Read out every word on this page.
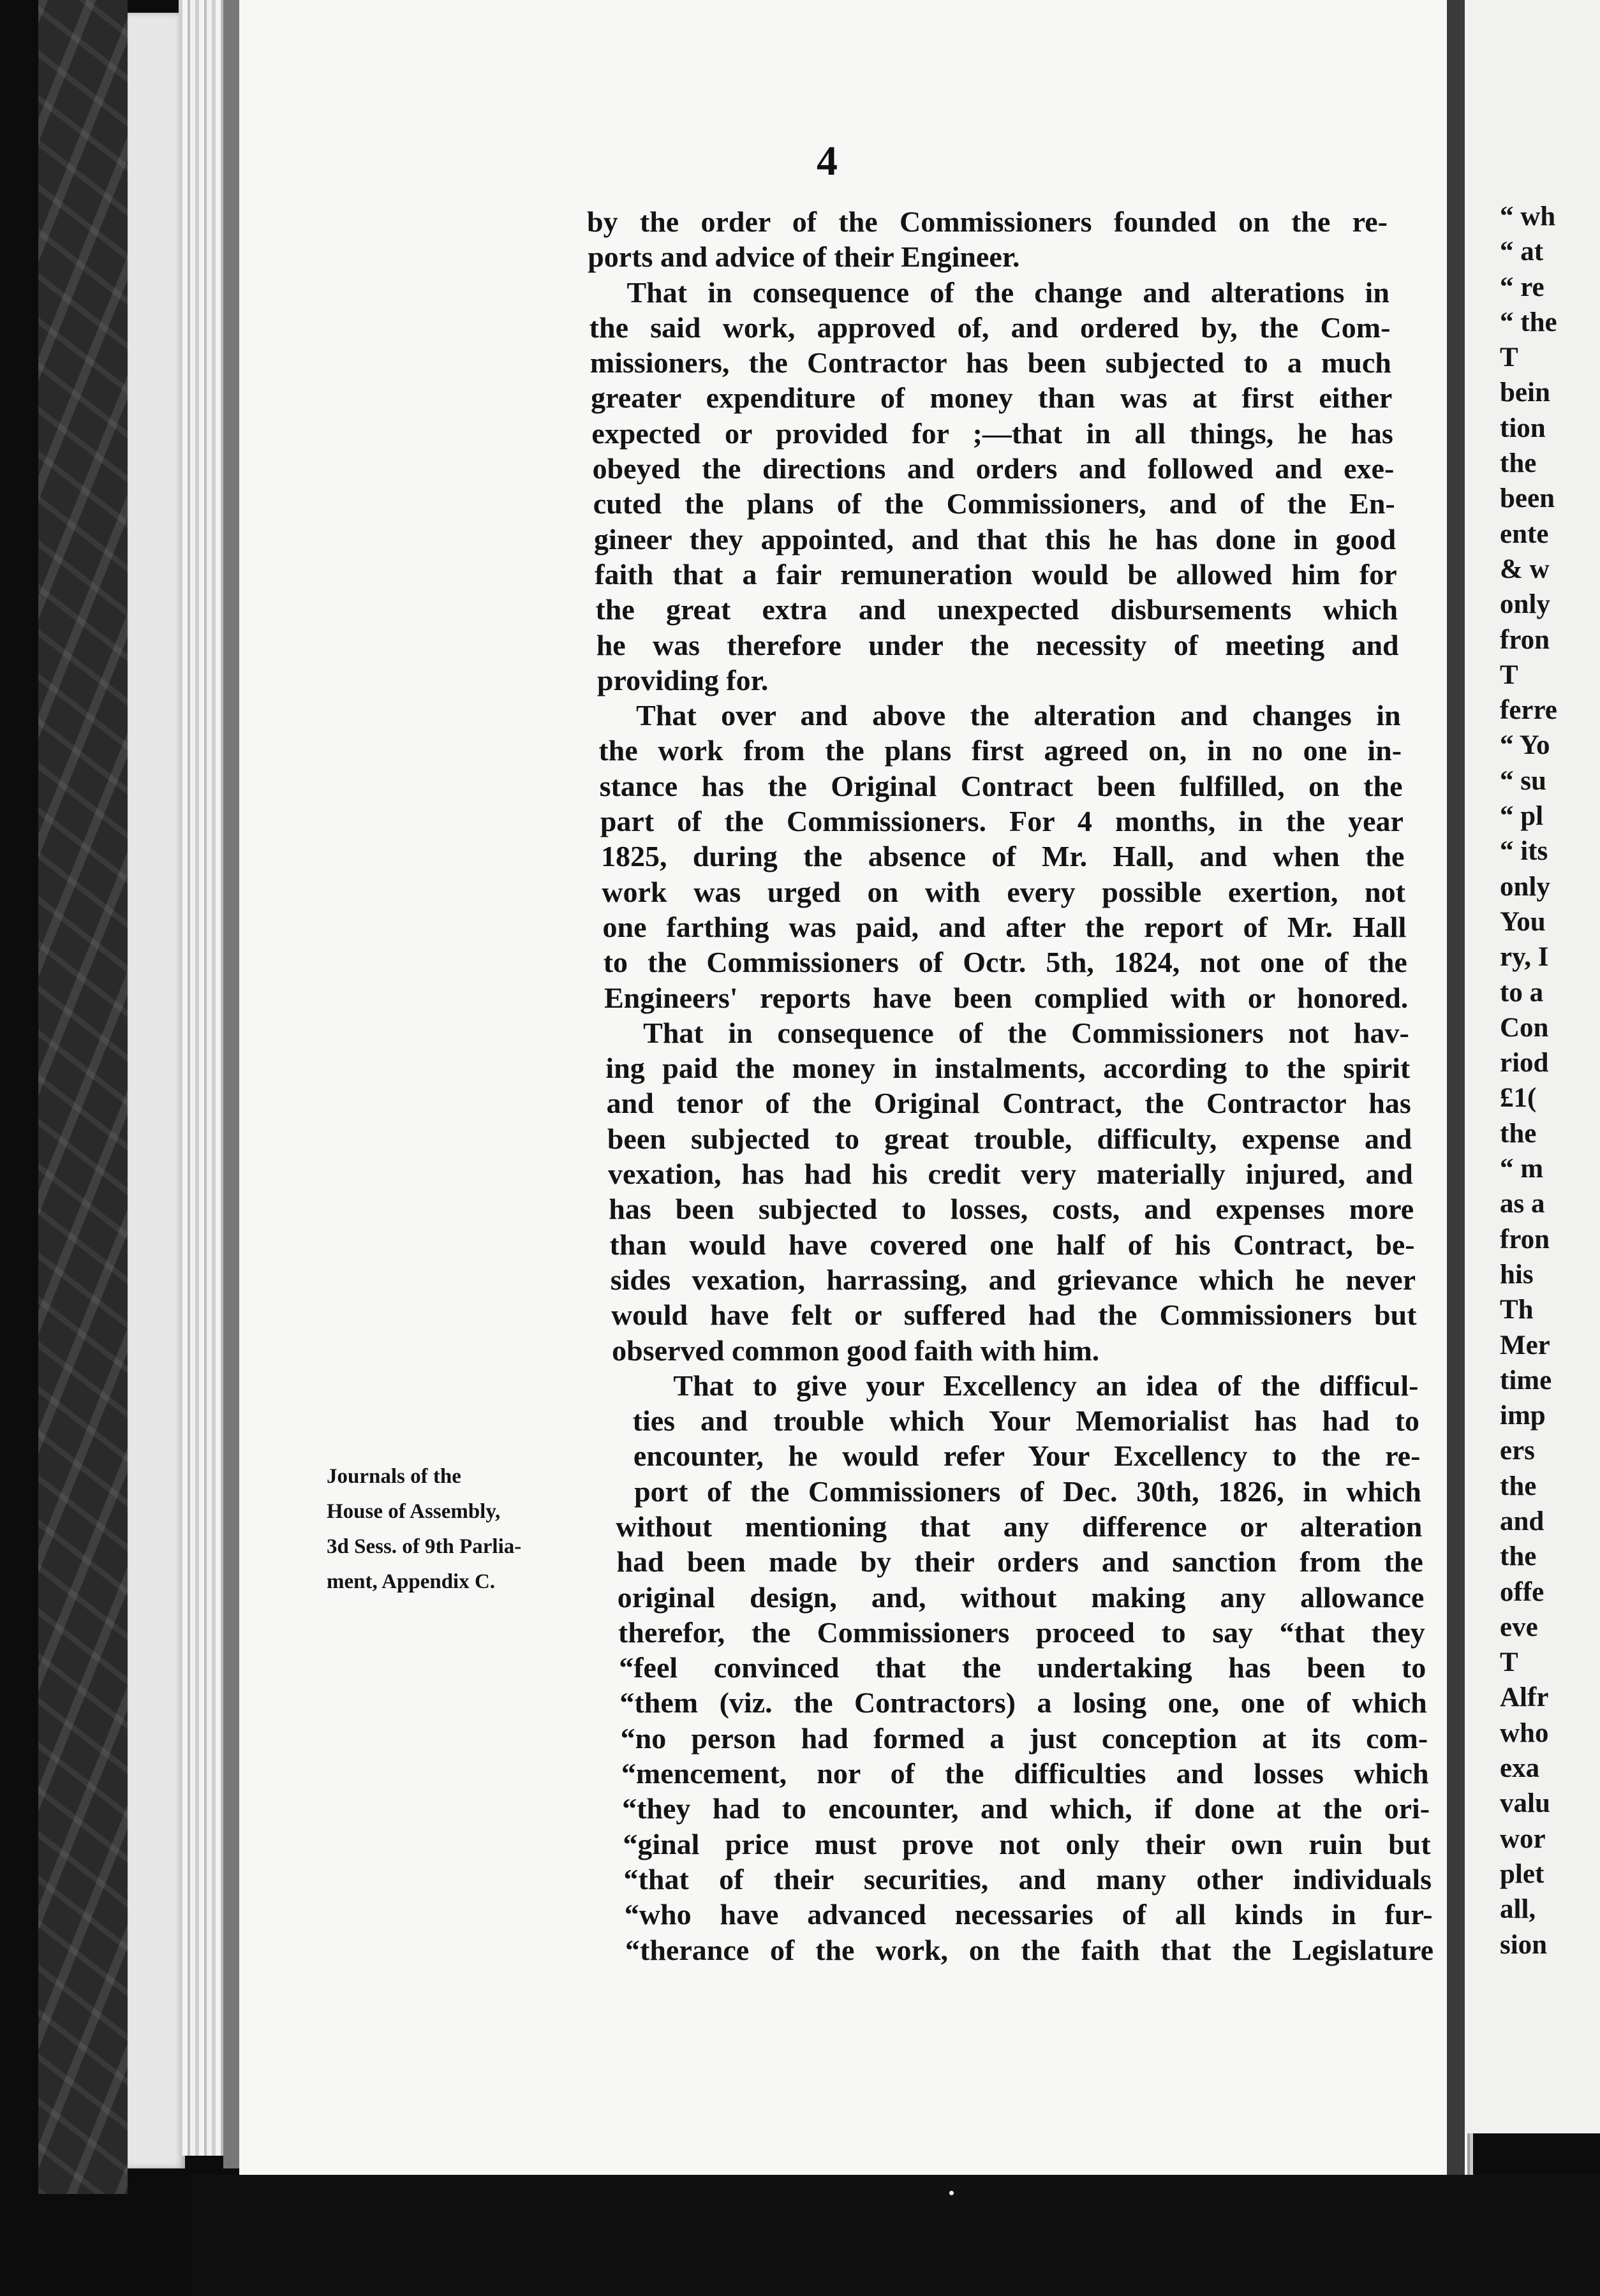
4
by the order of the Commissioners founded on the re-
ports and advice of their Engineer.
That in consequence of the change and alterations in
the said work, approved of, and ordered by, the Com-
missioners, the Contractor has been subjected to a much
greater expenditure of money than was at first either
expected or provided for ;—that in all things, he has
obeyed the directions and orders and followed and exe-
cuted the plans of the Commissioners, and of the En-
gineer they appointed, and that this he has done in good
faith that a fair remuneration would be allowed him for
the great extra and unexpected disbursements which
he was therefore under the necessity of meeting and
providing for.
That over and above the alteration and changes in
the work from the plans first agreed on, in no one in-
stance has the Original Contract been fulfilled, on the
part of the Commissioners. For 4 months, in the year
1825, during the absence of Mr. Hall, and when the
work was urged on with every possible exertion, not
one farthing was paid, and after the report of Mr. Hall
to the Commissioners of Octr. 5th, 1824, not one of the
Engineers' reports have been complied with or honored.
That in consequence of the Commissioners not hav-
ing paid the money in instalments, according to the spirit
and tenor of the Original Contract, the Contractor has
been subjected to great trouble, difficulty, expense and
vexation, has had his credit very materially injured, and
has been subjected to losses, costs, and expenses more
than would have covered one half of his Contract, be-
sides vexation, harrassing, and grievance which he never
would have felt or suffered had the Commissioners but
observed common good faith with him.
That to give your Excellency an idea of the difficul-
ties and trouble which Your Memorialist has had to
encounter, he would refer Your Excellency to the re-
port of the Commissioners of Dec. 30th, 1826, in which
without mentioning that any difference or alteration
had been made by their orders and sanction from the
original design, and, without making any allowance
therefor, the Commissioners proceed to say “that they
“feel convinced that the undertaking has been to
“them (viz. the Contractors) a losing one, one of which
“no person had formed a just conception at its com-
“mencement, nor of the difficulties and losses which
“they had to encounter, and which, if done at the ori-
“ginal price must prove not only their own ruin but
“that of their securities, and many other individuals
“who have advanced necessaries of all kinds in fur-
“therance of the work, on the faith that the Legislature
Journals of the
House of Assembly,
3d Sess. of 9th Parlia-
ment, Appendix C.
“ wh
“ at
“ re
“ the
T
bein
tion
the
been
ente
& w
only
fron
T
ferre
“ Yo
“ su
“ pl
“ its
only
You
ry, I
to a
Con
riod
£1(
the
“ m
as a
fron
his
Th
Mer
time
imp
ers
the
and
the
offe
eve
T
Alfr
who
exa
valu
wor
plet
all,
sion
